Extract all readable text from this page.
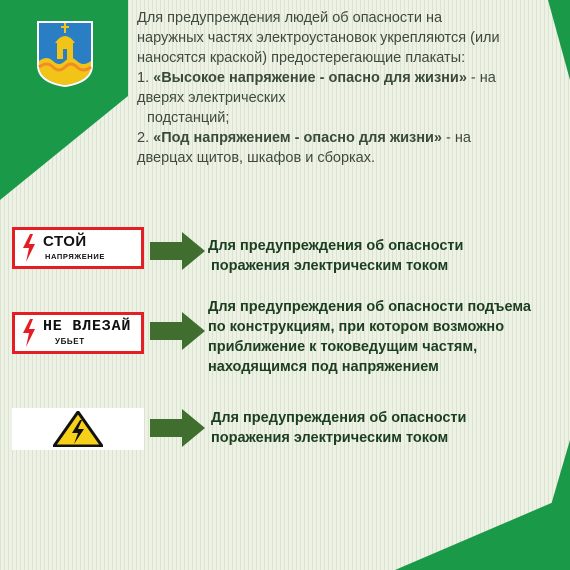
Для предупреждения людей об опасности на

наружных частях электроустановок укрепляются (или

наносятся краской) предостерегающие плакаты:

1. «Высокое напряжение - опасно для жизни» - на

дверях электрических

подстанций;

2. «Под напряжением - опасно для жизни» - на

дверцах щитов, шкафов и сборках.

СТОЙ
НАПРЯЖЕНИЕ

Для предупреждения об опасности

поражения электрическим током

НЕ ВЛЕЗАЙ
УБЬЕТ

Для предупреждения об опасности подъема

по конструкциям, при котором возможно

приближение к токоведущим частям,

находящимся под напряжением

Для предупреждения об опасности

поражения электрическим током
